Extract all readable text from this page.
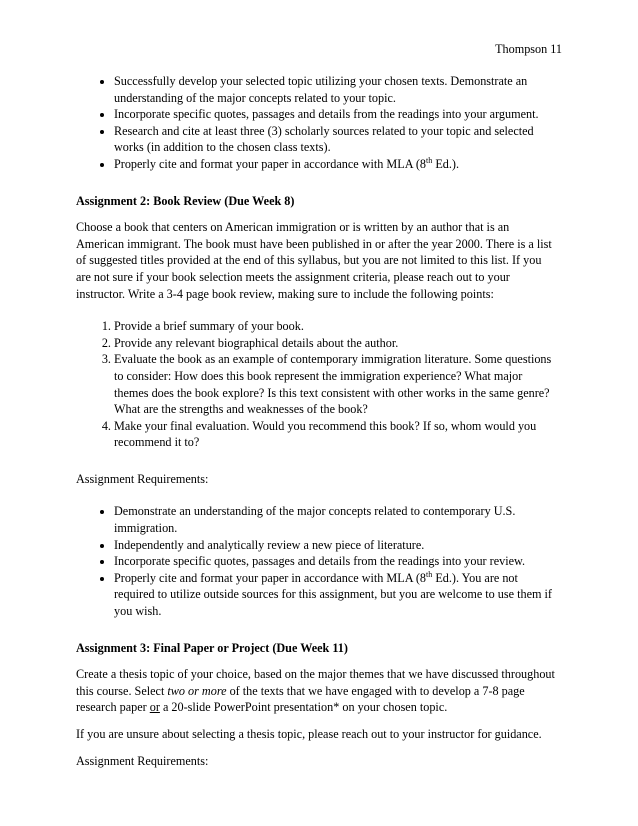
Thompson 11

• Successfully develop your selected topic utilizing your chosen texts. Demonstrate an understanding of the major concepts related to your topic.
• Incorporate specific quotes, passages and details from the readings into your argument.
• Research and cite at least three (3) scholarly sources related to your topic and selected works (in addition to the chosen class texts).
• Properly cite and format your paper in accordance with MLA (8th Ed.).

Assignment 2: Book Review (Due Week 8)

Choose a book that centers on American immigration or is written by an author that is an American immigrant. The book must have been published in or after the year 2000. There is a list of suggested titles provided at the end of this syllabus, but you are not limited to this list. If you are not sure if your book selection meets the assignment criteria, please reach out to your instructor. Write a 3-4 page book review, making sure to include the following points:

1. Provide a brief summary of your book.
2. Provide any relevant biographical details about the author.
3. Evaluate the book as an example of contemporary immigration literature. Some questions to consider: How does this book represent the immigration experience? What major themes does the book explore? Is this text consistent with other works in the same genre? What are the strengths and weaknesses of the book?
4. Make your final evaluation. Would you recommend this book? If so, whom would you recommend it to?

Assignment Requirements:

• Demonstrate an understanding of the major concepts related to contemporary U.S. immigration.
• Independently and analytically review a new piece of literature.
• Incorporate specific quotes, passages and details from the readings into your review.
• Properly cite and format your paper in accordance with MLA (8th Ed.). You are not required to utilize outside sources for this assignment, but you are welcome to use them if you wish.

Assignment 3: Final Paper or Project (Due Week 11)

Create a thesis topic of your choice, based on the major themes that we have discussed throughout this course. Select two or more of the texts that we have engaged with to develop a 7-8 page research paper or a 20-slide PowerPoint presentation* on your chosen topic.

If you are unsure about selecting a thesis topic, please reach out to your instructor for guidance.

Assignment Requirements:
